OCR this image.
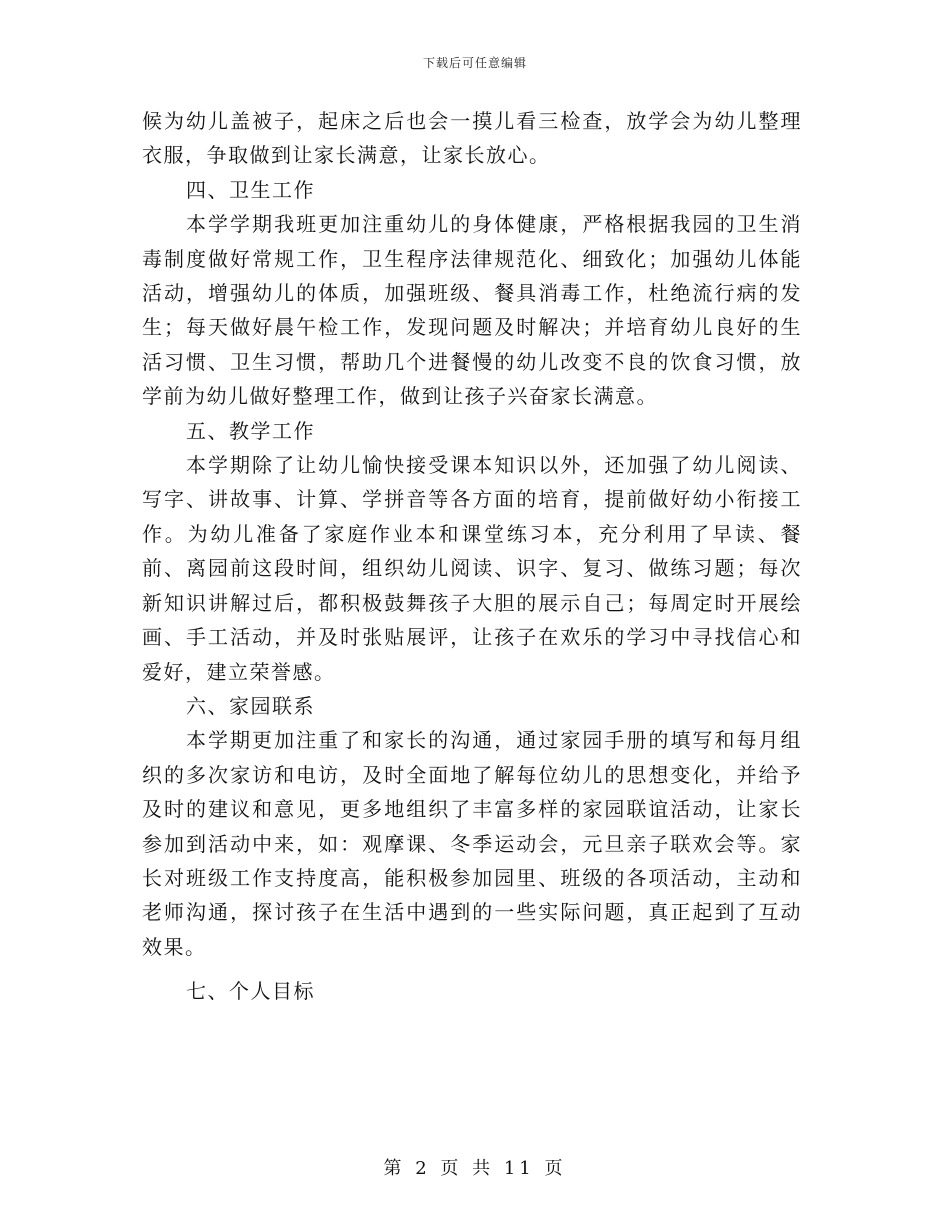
下载后可任意编辑

候为幼儿盖被子，起床之后也会一摸儿看三检查，放学会为幼儿整理衣服，争取做到让家长满意，让家长放心。

四、卫生工作

本学学期我班更加注重幼儿的身体健康，严格根据我园的卫生消毒制度做好常规工作，卫生程序法律规范化、细致化；加强幼儿体能活动，增强幼儿的体质，加强班级、餐具消毒工作，杜绝流行病的发生；每天做好晨午检工作，发现问题及时解决；并培育幼儿良好的生活习惯、卫生习惯，帮助几个进餐慢的幼儿改变不良的饮食习惯，放学前为幼儿做好整理工作，做到让孩子兴奋家长满意。

五、教学工作

本学期除了让幼儿愉快接受课本知识以外，还加强了幼儿阅读、写字、讲故事、计算、学拼音等各方面的培育，提前做好幼小衔接工作。为幼儿准备了家庭作业本和课堂练习本，充分利用了早读、餐前、离园前这段时间，组织幼儿阅读、识字、复习、做练习题；每次新知识讲解过后，都积极鼓舞孩子大胆的展示自己；每周定时开展绘画、手工活动，并及时张贴展评，让孩子在欢乐的学习中寻找信心和爱好，建立荣誉感。

六、家园联系

本学期更加注重了和家长的沟通，通过家园手册的填写和每月组织的多次家访和电访，及时全面地了解每位幼儿的思想变化，并给予及时的建议和意见，更多地组织了丰富多样的家园联谊活动，让家长参加到活动中来，如：观摩课、冬季运动会，元旦亲子联欢会等。家长对班级工作支持度高，能积极参加园里、班级的各项活动，主动和老师沟通，探讨孩子在生活中遇到的一些实际问题，真正起到了互动效果。

七、个人目标

第 2 页 共 11 页
